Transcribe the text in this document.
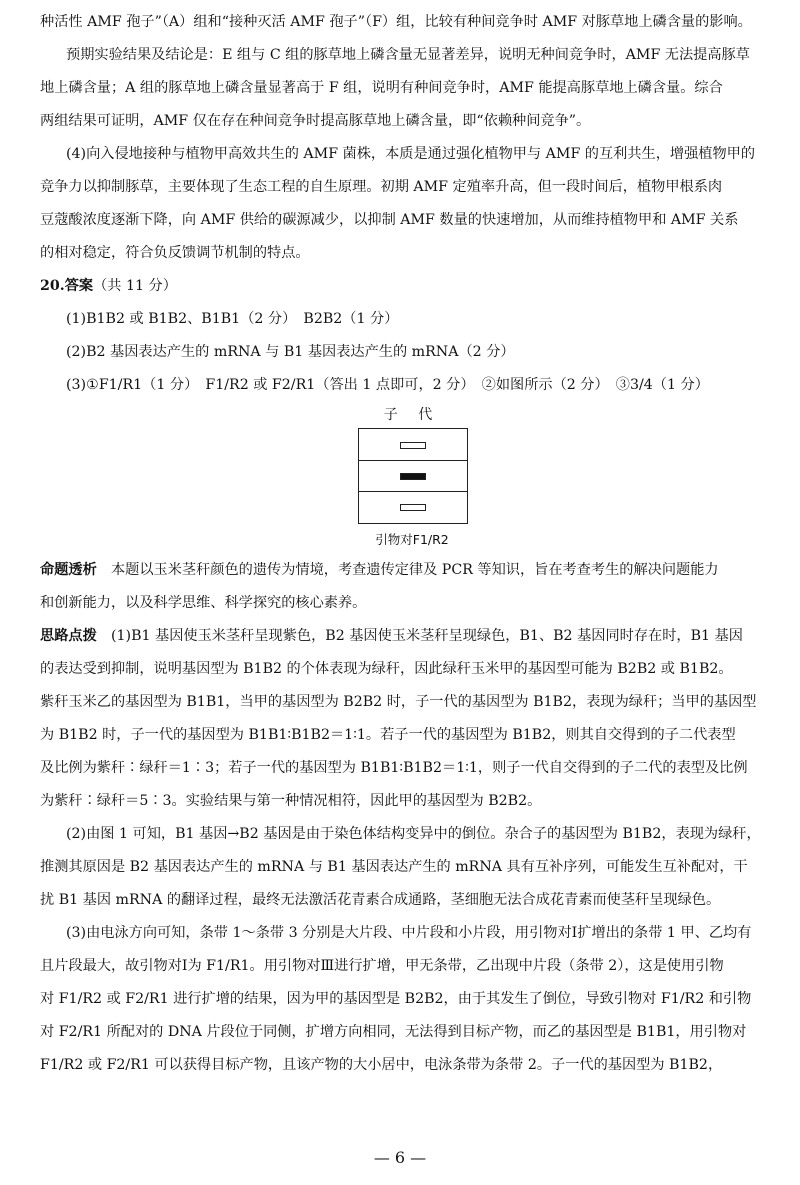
种活性 AMF 孢子”（A）组和“接种灭活 AMF 孢子”（F）组，比较有种间竞争时 AMF 对豚草地上磷含量的影响。
预期实验结果及结论是：E 组与 C 组的豚草地上磷含量无显著差异，说明无种间竞争时，AMF 无法提高豚草
地上磷含量；A 组的豚草地上磷含量显著高于 F 组，说明有种间竞争时，AMF 能提高豚草地上磷含量。综合
两组结果可证明，AMF 仅在存在种间竞争时提高豚草地上磷含量，即“依赖种间竞争”。
(4)向入侵地接种与植物甲高效共生的 AMF 菌株，本质是通过强化植物甲与 AMF 的互利共生，增强植物甲的
竞争力以抑制豚草，主要体现了生态工程的自生原理。初期 AMF 定殖率升高，但一段时间后，植物甲根系肉
豆蔻酸浓度逐渐下降，向 AMF 供给的碳源减少，以抑制 AMF 数量的快速增加，从而维持植物甲和 AMF 关系
的相对稳定，符合负反馈调节机制的特点。
20.答案（共 11 分）
(1)B1B2 或 B1B2、B1B1（2 分）　B2B2（1 分）
(2)B2 基因表达产生的 mRNA 与 B1 基因表达产生的 mRNA（2 分）
(3)①F1/R1（1 分）　F1/R2 或 F2/R1（答出 1 点即可，2 分）　②如图所示（2 分）　③3/4（1 分）
子 代
引物对F1/R2
命题透析　 本题以玉米茎秆颜色的遗传为情境，考查遗传定律及 PCR 等知识，旨在考查考生的解决问题能力
和创新能力，以及科学思维、科学探究的核心素养。
思路点拨　 (1)B1 基因使玉米茎秆呈现紫色，B2 基因使玉米茎秆呈现绿色，B1、B2 基因同时存在时，B1 基因
的表达受到抑制，说明基因型为 B1B2 的个体表现为绿秆，因此绿秆玉米甲的基因型可能为 B2B2 或 B1B2。
紫秆玉米乙的基因型为 B1B1，当甲的基因型为 B2B2 时，子一代的基因型为 B1B2，表现为绿秆；当甲的基因型
为 B1B2 时，子一代的基因型为 B1B1∶B1B2＝1∶1。若子一代的基因型为 B1B2，则其自交得到的子二代表型
及比例为紫秆∶绿秆＝1∶3；若子一代的基因型为 B1B1∶B1B2＝1∶1，则子一代自交得到的子二代的表型及比例
为紫秆∶绿秆＝5∶3。实验结果与第一种情况相符，因此甲的基因型为 B2B2。
(2)由图 1 可知，B1 基因→B2 基因是由于染色体结构变异中的倒位。杂合子的基因型为 B1B2，表现为绿秆，
推测其原因是 B2 基因表达产生的 mRNA 与 B1 基因表达产生的 mRNA 具有互补序列，可能发生互补配对，干
扰 B1 基因 mRNA 的翻译过程，最终无法激活花青素合成通路，茎细胞无法合成花青素而使茎秆呈现绿色。
(3)由电泳方向可知，条带 1～条带 3 分别是大片段、中片段和小片段，用引物对Ⅰ扩增出的条带 1 甲、乙均有
且片段最大，故引物对Ⅰ为 F1/R1。用引物对Ⅲ进行扩增，甲无条带，乙出现中片段（条带 2），这是使用引物
对 F1/R2 或 F2/R1 进行扩增的结果，因为甲的基因型是 B2B2，由于其发生了倒位，导致引物对 F1/R2 和引物
对 F2/R1 所配对的 DNA 片段位于同侧，扩增方向相同，无法得到目标产物，而乙的基因型是 B1B1，用引物对
F1/R2 或 F2/R1 可以获得目标产物，且该产物的大小居中，电泳条带为条带 2。子一代的基因型为 B1B2，
— 6 —
